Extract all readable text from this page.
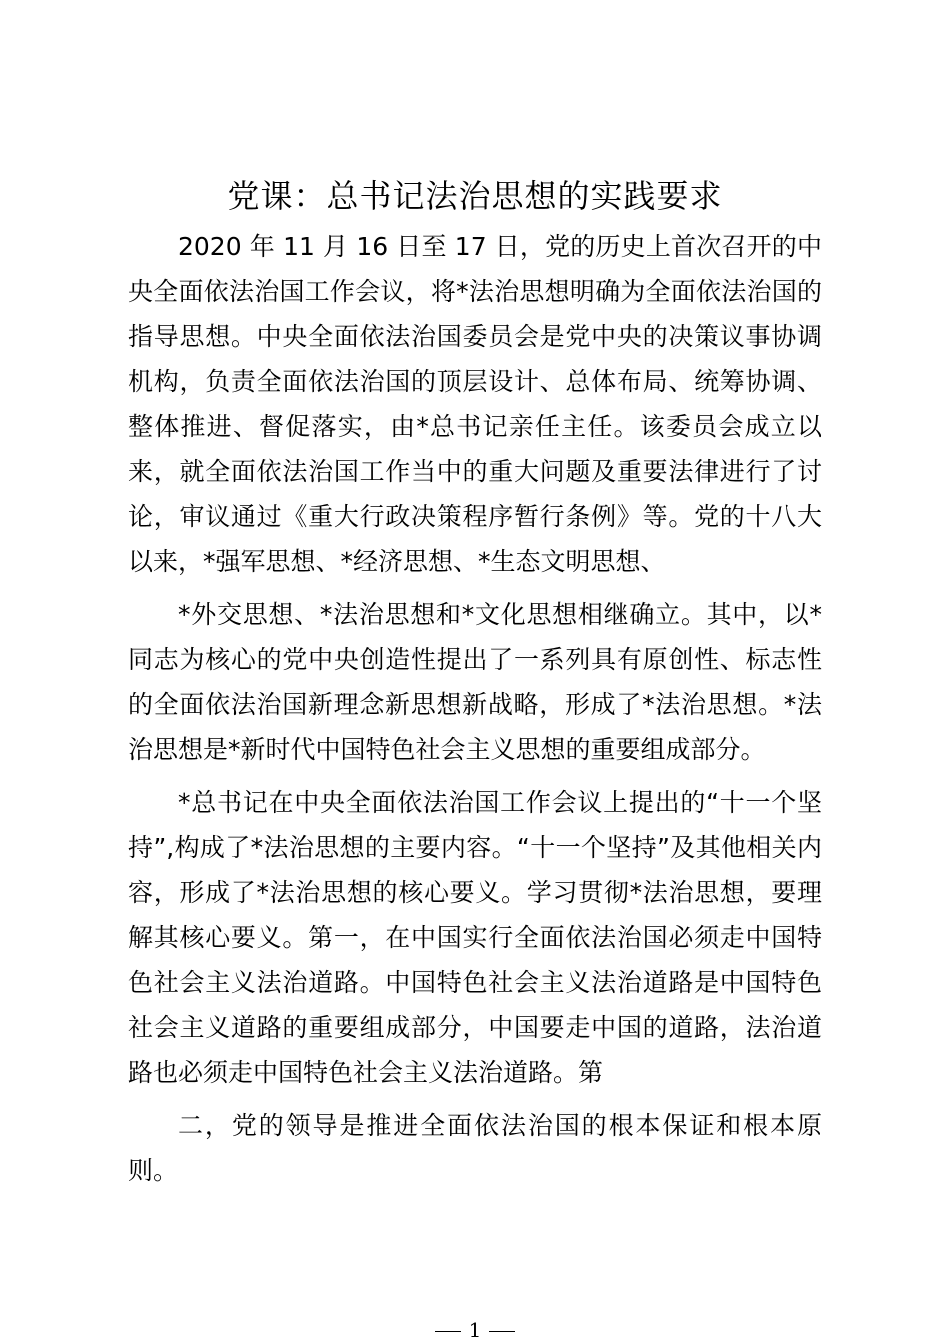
党课：总书记法治思想的实践要求

2020 年 11 月 16 日至 17 日，党的历史上首次召开的中央全面依法治国工作会议，将*法治思想明确为全面依法治国的指导思想。中央全面依法治国委员会是党中央的决策议事协调机构，负责全面依法治国的顶层设计、总体布局、统筹协调、整体推进、督促落实，由*总书记亲任主任。该委员会成立以来，就全面依法治国工作当中的重大问题及重要法律进行了讨论，审议通过《重大行政决策程序暂行条例》等。党的十八大以来，*强军思想、*经济思想、*生态文明思想、

*外交思想、*法治思想和*文化思想相继确立。其中，以*同志为核心的党中央创造性提出了一系列具有原创性、标志性的全面依法治国新理念新思想新战略，形成了*法治思想。*法治思想是*新时代中国特色社会主义思想的重要组成部分。

*总书记在中央全面依法治国工作会议上提出的“十一个坚持”,构成了*法治思想的主要内容。“十一个坚持”及其他相关内容，形成了*法治思想的核心要义。学习贯彻*法治思想，要理解其核心要义。第一，在中国实行全面依法治国必须走中国特色社会主义法治道路。中国特色社会主义法治道路是中国特色社会主义道路的重要组成部分，中国要走中国的道路，法治道路也必须走中国特色社会主义法治道路。第

二，党的领导是推进全面依法治国的根本保证和根本原则。

1
